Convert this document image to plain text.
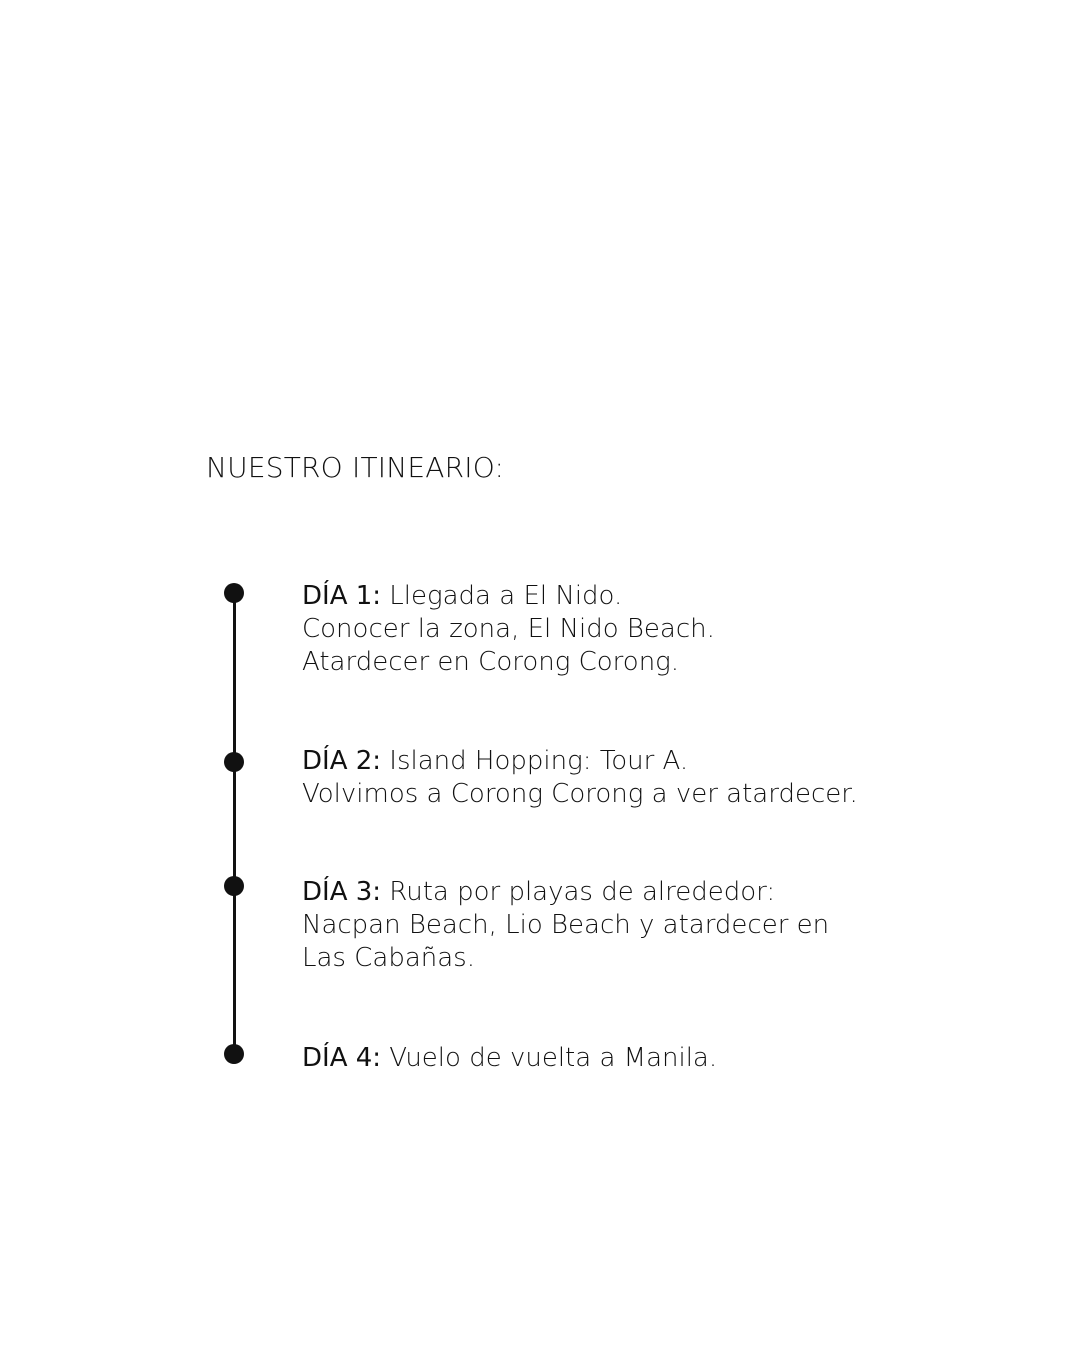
NUESTRO ITINEARIO:
DÍA 1: Llegada a El Nido.
Conocer la zona, El Nido Beach.
Atardecer en Corong Corong.
DÍA 2: Island Hopping: Tour A.
Volvimos a Corong Corong a ver atardecer.
DÍA 3: Ruta por playas de alrededor:
Nacpan Beach, Lio Beach y atardecer en
Las Cabañas.
DÍA 4: Vuelo de vuelta a Manila.
